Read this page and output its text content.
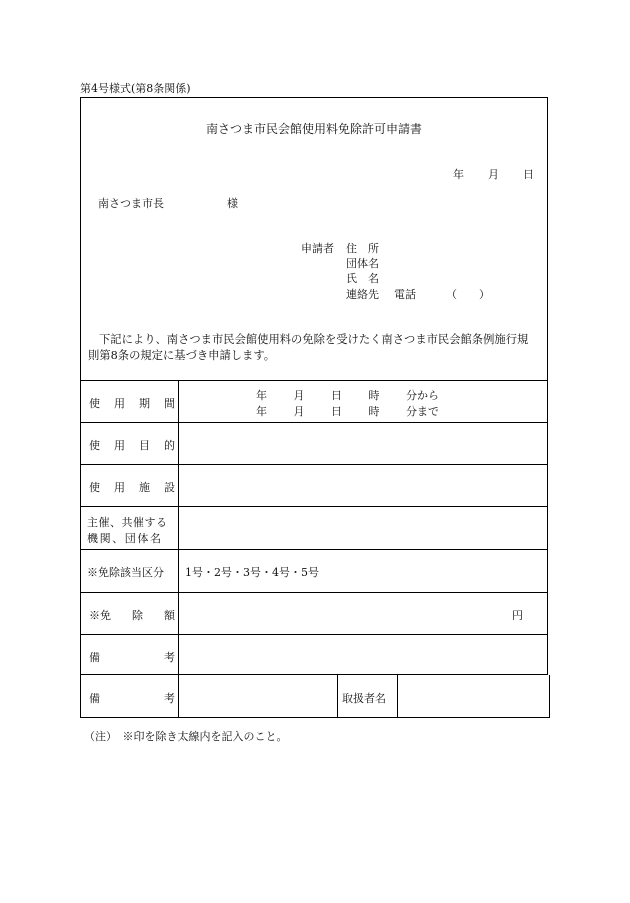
第4号様式(第8条関係)
南さつま市民会館使用料免除許可申請書
年 月 日
南さつま市長	様
申請者 住　所
団体名
氏　名
連絡先 電話	（　　）
下記により、南さつま市民会館使用料の免除を受けたく南さつま市民会館条例施行規
則第8条の規定に基づき申請します。
使 用 期 間
年 月 日 時 分から
年 月 日 時 分まで
使 用 目 的
使 用 施 設
主催、共催する
機関、団体名
※免除該当区分 1号・2号・3号・4号・5号
※免 除 額	円
備	考
備	考	取扱者名
（注）　※印を除き太線内を記入のこと。
